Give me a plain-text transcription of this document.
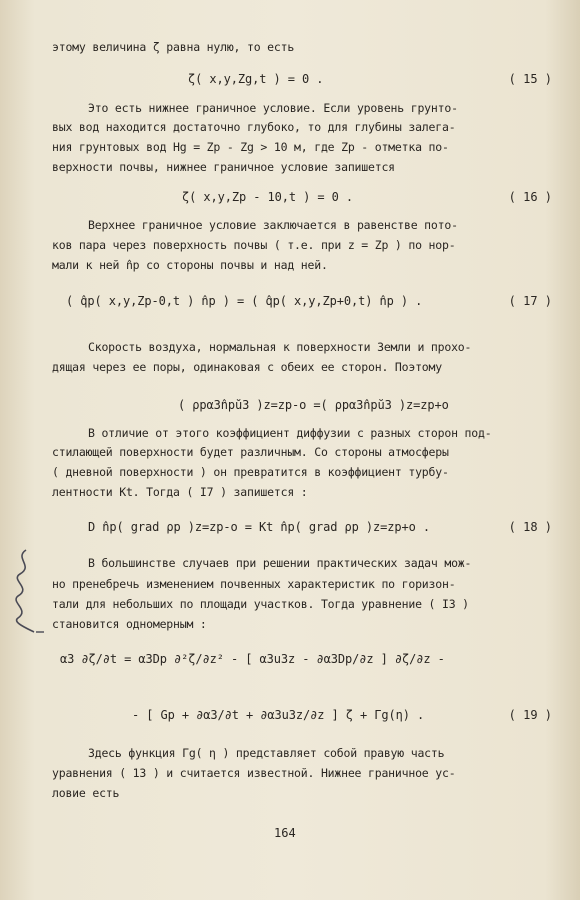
этому величина ζ равна нулю, то есть
ζ( x,y,Zg,t ) = 0 .	( 15 )
Это есть нижнее граничное условие. Если уровень грунто-
вых вод находится достаточно глубоко, то для глубины залега-
ния грунтовых вод Hg = Zp - Zg > 10 м, где Zp - отметка по-
верхности почвы, нижнее граничное условие запишется
ζ( x,y,Zp - 10,t ) = 0 .	( 16 )
Верхнее граничное условие заключается в равенстве пото-
ков пара через поверхность почвы ( т.е. при z = Zp ) по нор-
мали к ней n̂p со стороны почвы и над ней.
( q̂p( x,y,Zp-0,t ) n̂p ) = ( q̂p( x,y,Zp+0,t) n̂p ) .	( 17 )
Скорость воздуха, нормальная к поверхности Земли и прохо-
дящая через ее поры, одинаковая с обеих ее сторон. Поэтому
( ρpα3n̂pŭ3 )z=zp-o =( ρpα3n̂pŭ3 )z=zp+o
В отличие от этого коэффициент диффузии с разных сторон под-
стилающей поверхности будет различным. Со стороны атмосферы
( дневной поверхности ) он превратится в коэффициент турбу-
лентности Kt. Тогда ( I7 ) запишется :
D n̂p( grad ρp )z=zp-o = Kt n̂p( grad ρp )z=zp+o .	( 18 )
В большинстве случаев при решении практических задач мож-
но пренебречь изменением почвенных характеристик по горизон-
тали для небольших по площади участков. Тогда уравнение ( I3 )
становится одномерным :
α3 ∂ζ/∂t = α3Dp ∂²ζ/∂z² - [ α3u3z - ∂α3Dp/∂z ] ∂ζ/∂z -
- [ Gp + ∂α3/∂t + ∂α3u3z/∂z ] ζ + Гg(η) .	( 19 )
Здесь функция Гg( η ) представляет собой правую часть
уравнения ( 13 ) и считается известной. Нижнее граничное ус-
ловие есть
164
